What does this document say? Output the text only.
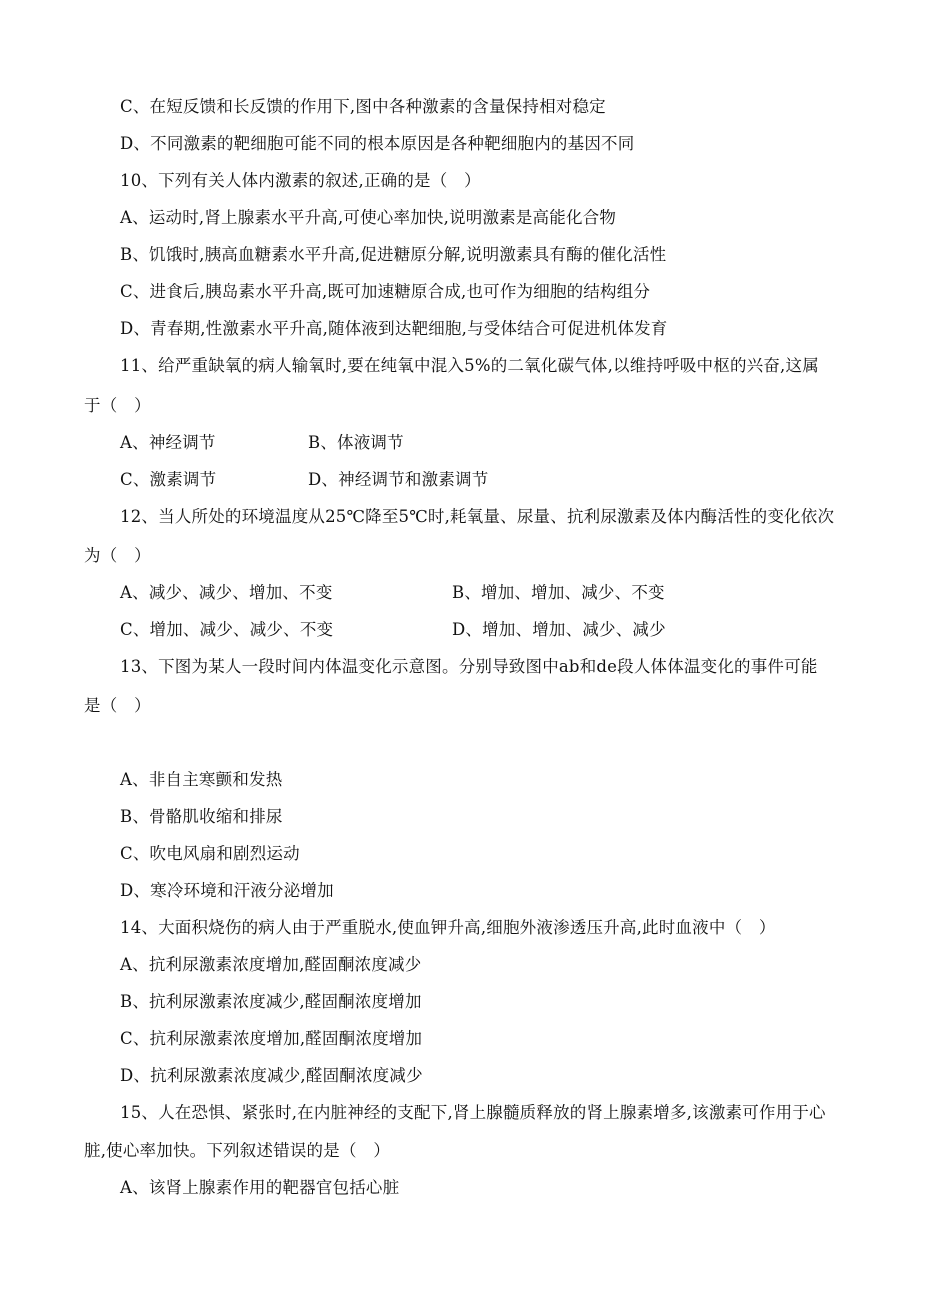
C、在短反馈和长反馈的作用下,图中各种激素的含量保持相对稳定
D、不同激素的靶细胞可能不同的根本原因是各种靶细胞内的基因不同
10、下列有关人体内激素的叙述,正确的是（　）
A、运动时,肾上腺素水平升高,可使心率加快,说明激素是高能化合物
B、饥饿时,胰高血糖素水平升高,促进糖原分解,说明激素具有酶的催化活性
C、进食后,胰岛素水平升高,既可加速糖原合成,也可作为细胞的结构组分
D、青春期,性激素水平升高,随体液到达靶细胞,与受体结合可促进机体发育
11、给严重缺氧的病人输氧时,要在纯氧中混入5%的二氧化碳气体,以维持呼吸中枢的兴奋,这属
于（　）
A、神经调节	B、体液调节
C、激素调节	D、神经调节和激素调节
12、当人所处的环境温度从25℃降至5℃时,耗氧量、尿量、抗利尿激素及体内酶活性的变化依次
为（　）
A、减少、减少、增加、不变	B、增加、增加、减少、不变
C、增加、减少、减少、不变	D、增加、增加、减少、减少
13、下图为某人一段时间内体温变化示意图。分别导致图中ab和de段人体体温变化的事件可能
是（　）
A、非自主寒颤和发热
B、骨骼肌收缩和排尿
C、吹电风扇和剧烈运动
D、寒冷环境和汗液分泌增加
14、大面积烧伤的病人由于严重脱水,使血钾升高,细胞外液渗透压升高,此时血液中（　）
A、抗利尿激素浓度增加,醛固酮浓度减少
B、抗利尿激素浓度减少,醛固酮浓度增加
C、抗利尿激素浓度增加,醛固酮浓度增加
D、抗利尿激素浓度减少,醛固酮浓度减少
15、人在恐惧、紧张时,在内脏神经的支配下,肾上腺髓质释放的肾上腺素增多,该激素可作用于心
脏,使心率加快。下列叙述错误的是（　）
A、该肾上腺素作用的靶器官包括心脏
